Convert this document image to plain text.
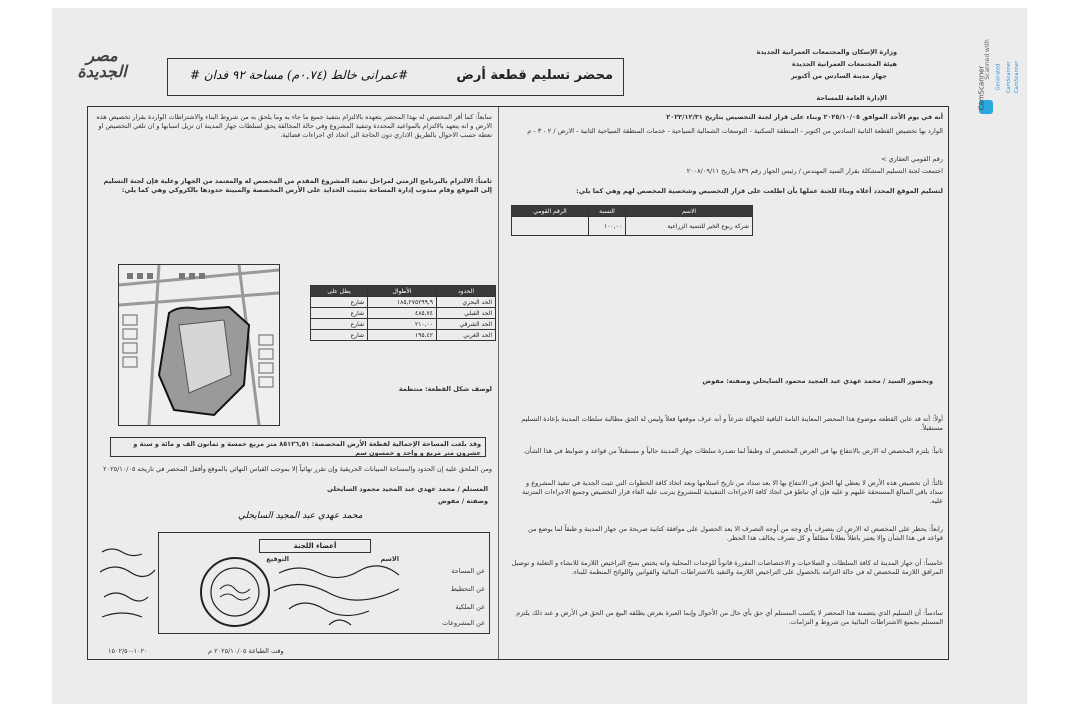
مصر الجديدة	محضر تسليم قطعة أرض
#عمرانى خالط (٠.٧٤م) مساحة ٩٢ فدان #
وزارة الإسكان والمجتمعات العمرانية الجديدة
هيئة المجتمعات العمرانية الجديدة
جهاز مدينة السادس من أكتوبر
الإدارة العامة للمساحة	CamScanner
Scanned with Generated CamScanner CamScanner
أنه في يوم الأحد الموافق ٢٠٢٥/١٠/٠٥ وبناء على قرار لجنة التخصيص بتاريخ ٢٠٢٣/١٢/٣١
الوارد بها تخصيص القطعة الثانية السادس من اكتوبر - المنطقة السكنية - التوسعات الشمالية السياحية - خدمات المنطقة السياحية الثانية - الارض / ٢ - ٣ - م
رقم القومي العقاري >
اجتمعت لجنة التسليم المشكلة بقرار السيد المهندس / رئيس الجهاز رقم ٨٣٩ بتاريخ ٢٠٠٨/٠٩/١١
لتسليم الموقع المحدد أعلاه وبناءً للجنة عملها بأن اطلعت على قرار التخصيص وشخصية المخصص لهم وهي كما يلي:
الاسم	النسبة	الرقم القومي
شركة ربوع الخير للتنمية الزراعية	١٠٠,٠٠	
وبحضور السيد / محمد عهدي عبد المجيد محمود السايحلي وصفته: مفوض
أولاً: أنه قد عاين القطعه موضوع هذا المحضر المعاينة التامة النافية للجهالة شرعاً و أنه عرف موقعها فعلاً وليس له الحق مطالبة سلطات المدينة بإعادة التسليم مستقبلاً.
ثانياً: يلتزم المخصص له الارض بالانتفاع بها في الغرض المخصص له وطبقاً لما تصدرة سلطات جهاز المدينة حالياً و مستقبلاً من قواعد و ضوابط في هذا الشأن.
ثالثاً: أن تخصيص هذه الأرض لا يعطي لها الحق في الانتفاع بها الا بعد سداد من تاريخ استلامها وبعد اتخاذ كافة الخطوات التي تثبت الجدية في تنفيذ المشروع و سداد باقي المبالغ المستحقة عليهم و عليه فإن أي تباطؤ في اتخاذ كافة الاجراءات التنفيذية للمشروع يترتب عليه الغاء قرار التخصيص وجميع الاجراءات المترتبة عليه.
رابعاً: يحظر على المخصص له الارض ان يتصرف بأي وجه من أوجه التصرف الا بعد الحصول على موافقة كتابية صريحة من جهاز المدينة و طبقاً لما يوضع من قواعد في هذا الشأن وإلا يعتبر باطلاً بطلاناً مطلقاً و كل تصرف يخالف هذا الحظر.
خامساً: أن جهاز المدينة له كافة السلطات و الصلاحيات و الاختصاصات المقررة قانوناً للوحدات المحلية وانه يختص بمنح التراخيص اللازمة للانشاء و التعلية و توصيل المرافق اللازمة للمخصص له في حالة التزامه بالحصول على التراخيص اللازمة والتقيد بالاشتراطات البنائية والقوانين واللوائح المنظمة للبناء.
سادساً: أن التسليم الذي يتضمنه هذا المحضر لا يكسب المستلم أي حق بأي حال من الأحوال وإنما العبرة بعرض يطلقه البيع من الحق في الأرض و عند ذلك يلتزم المستلم بجميع الاشتراطات البنائية من شروط و التزامات.
سابعاً: كما أقر المخصص له بهذا المحضر بتعهده بالالتزام بتنفيذ جميع ما جاء به وما يلحق به من شروط البناء والاشتراطات الواردة بقرار تخصيص هذه الارض و انه يتعهد بالالتزام بالمواعيد المحددة وتنفيذ المشروع وفي حالة المخالفة يحق لسلطات جهاز المدينة ان تزيل اسبابها و ان تلغي التخصيص او تعطه حسب الاحوال بالطريق الاداري دون الحاجة الى اتخاذ اي اجراءات قضائية.
ثامناً: الالتزام بالبرنامج الزمني لمراحل تنفيذ المشروع المقدم من المخصص له والمعتمد من الجهاز وعلية فإن لجنة التسليم إلى الموقع وقام مندوب إدارة المساحة بتثبيت الحدايد على الأرض المخصصة والمبينة حدودها بالكروكي وهي كما يلي:
الحدود	الأطوال	يطل على
الحد البحري	١٨٥,٢٧٥٢٩٩,٩	شارع
الحد القبلي	٤٨٥,٧٤	شارع
الحد الشرقي	٢١٠,٠٠	شارع
الحد الغربي	١٩٥,٤٢	شارع
لوصف شكل القطعة: منتظمة
وقد بلغت المساحة الإجمالية لقطعة الأرض المخصصة: ٨٥١٢٦,٥١ متر مربع خمسة و ثمانون الف و مائة و ستة و عشرون متر مربع و واحد و خمسون سم
ومن الملحق عليه إن الحدود والمساحة المبيانات الحريقية وإن تقرر نهائياً إلا بموجب القياس النهائي بالموقع وأقفل المحضر في تاريخه ٢٠٢٥/١٠/٠٥
المستلم / محمد عهدي عبد المجيد محمود السايحلي
وصفته / مفوض
محمد عهدي عبد المجيد السايحلي
أعضاء اللجنة
الاسم
التوقيع
عن المساحة
عن التخطيط
عن الملكية
عن المشروعات
وقت الطباعة ٢٠٢٥/١٠/٠٥ م
١٠٢٠-١٥٠٢/٥٠
